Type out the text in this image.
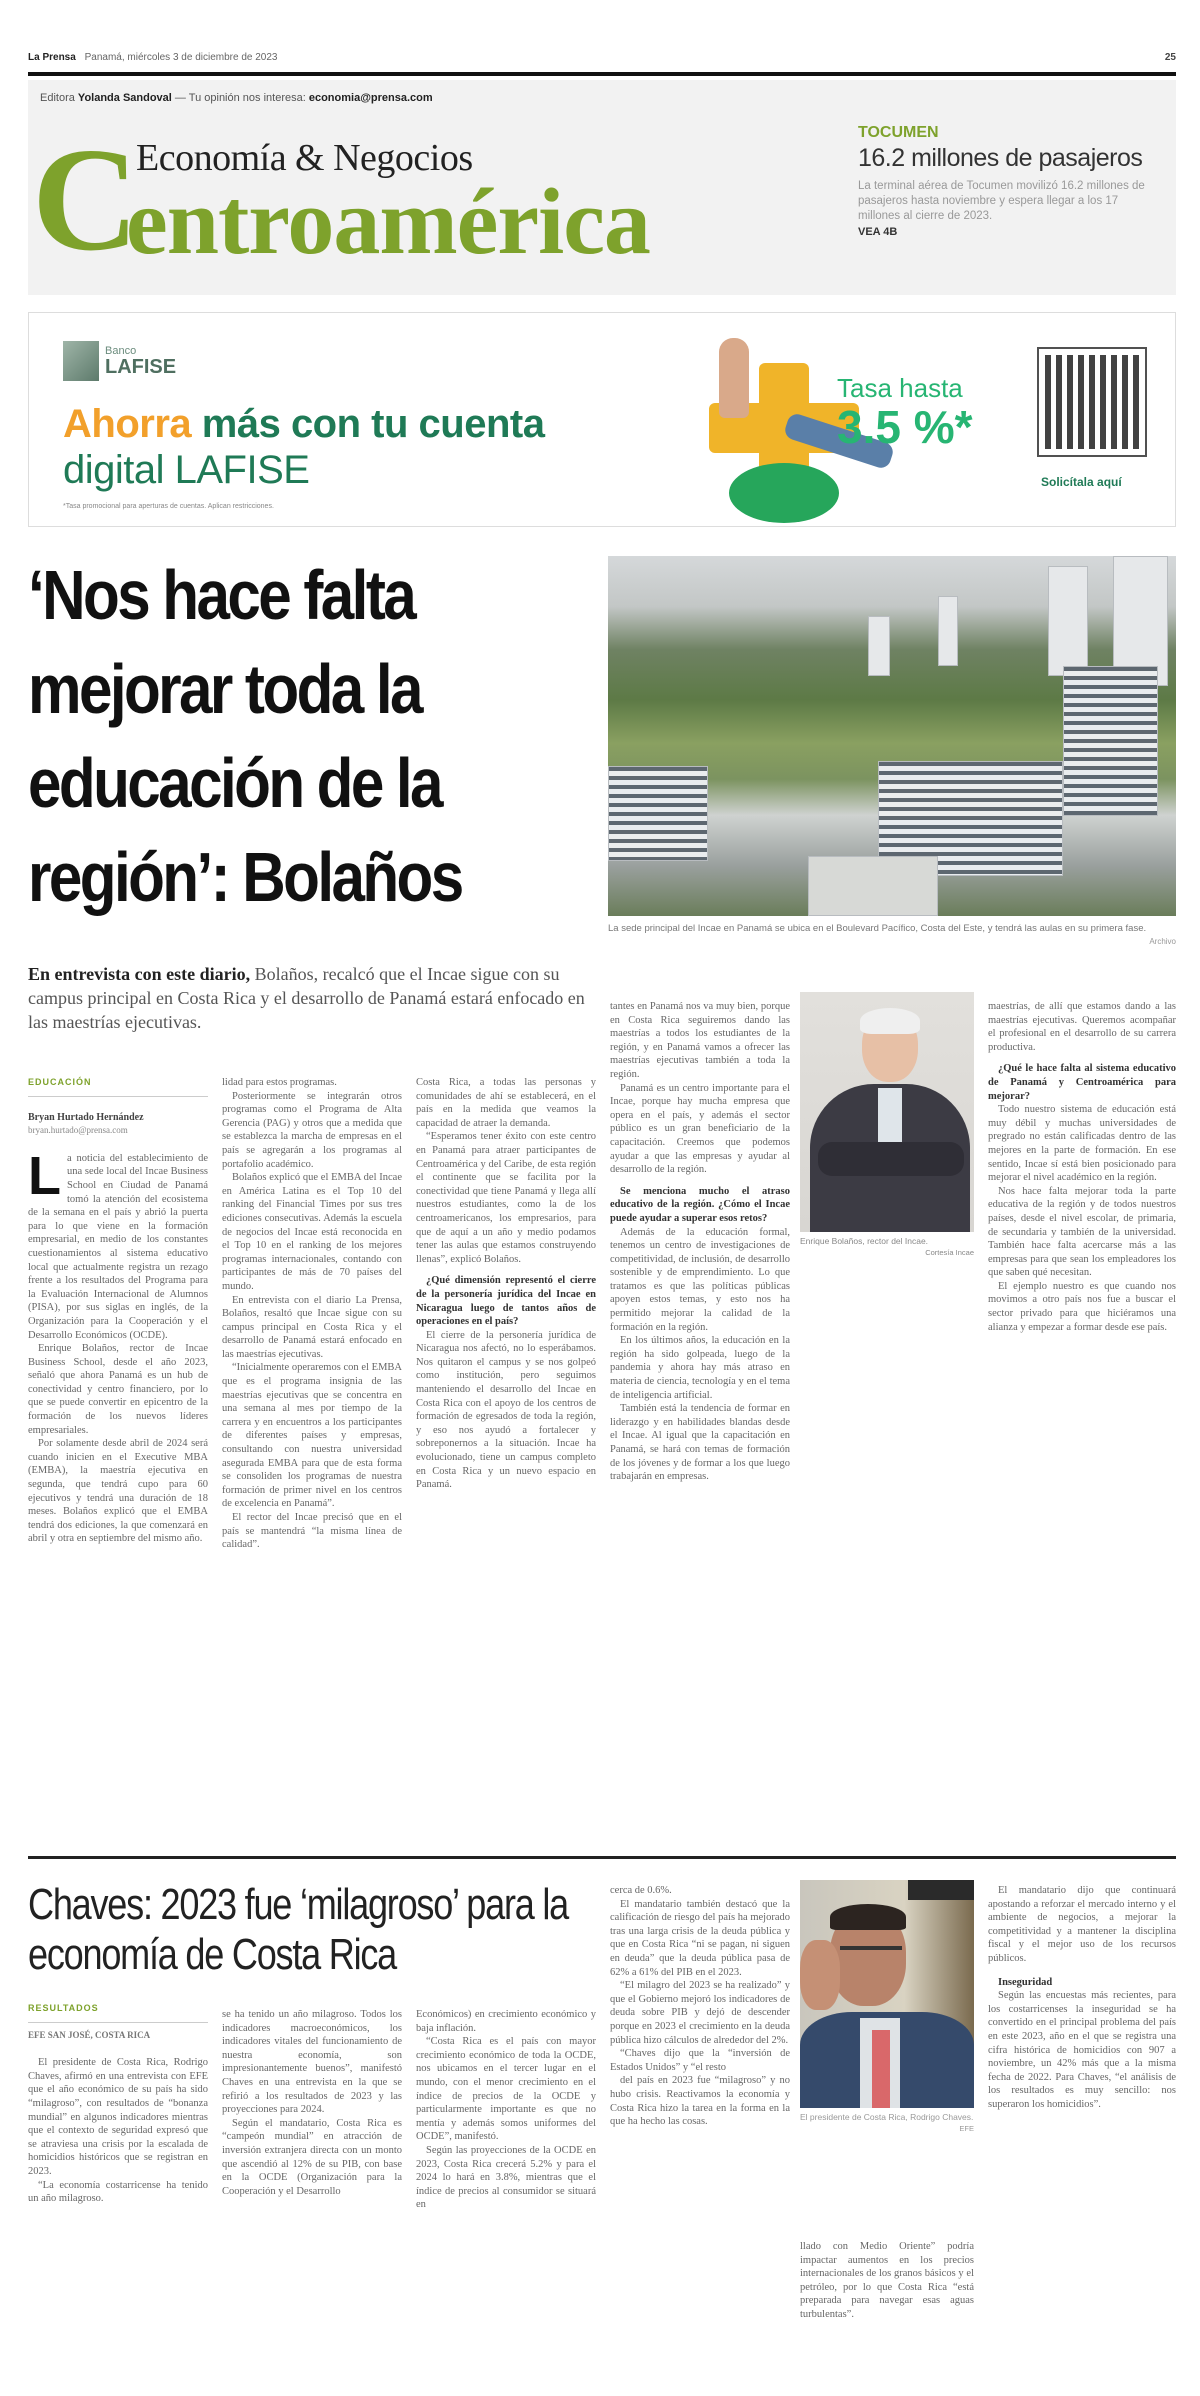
La Prensa Panamá, miércoles 3 de diciembre de 2023	25
Editora Yolanda Sandoval — Tu opinión nos interesa: economia@prensa.com
C
Economía & Negocios
entroamérica
TOCUMEN
16.2 millones de pasajeros
La terminal aérea de Tocumen movilizó 16.2 millones de pasajeros hasta noviembre y espera llegar a los 17 millones al cierre de 2023.
VEA 4B
Banco
LAFISE
Ahorra más con tu cuenta
digital LAFISE
*Tasa promocional para aperturas de cuentas. Aplican restricciones.
Tasa hasta
3.5 %*
Solicítala aquí
‘Nos hace falta mejorar toda la educación de la región’: Bolaños
La sede principal del Incae en Panamá se ubica en el Boulevard Pacífico, Costa del Este, y tendrá las aulas en su primera fase.
Archivo
En entrevista con este diario, Bolaños, recalcó que el Incae sigue con su campus principal en Costa Rica y el desarrollo de Panamá estará enfocado en las maestrías ejecutivas.
EDUCACIÓN
Bryan Hurtado Hernández
bryan.hurtado@prensa.com
L a noticia del establecimiento de una sede local del Incae Business School en Ciudad de Panamá tomó la atención del ecosistema de la semana en el país y abrió la puerta para lo que viene en la formación empresarial, en medio de los constantes cuestionamientos al sistema educativo local que actualmente registra un rezago frente a los resultados del Programa para la Evaluación Internacional de Alumnos (PISA), por sus siglas en inglés, de la Organización para la Cooperación y el Desarrollo Económicos (OCDE).

Enrique Bolaños, rector de Incae Business School, desde el año 2023, señaló que ahora Panamá es un hub de conectividad y centro financiero, por lo que se puede convertir en epicentro de la formación de los nuevos líderes empresariales.

Por solamente desde abril de 2024 será cuando inicien en el Executive MBA (EMBA), la maestría ejecutiva en segunda, que tendrá cupo para 60 ejecutivos y tendrá una duración de 18 meses. Bolaños explicó que el EMBA tendrá dos ediciones, la que comenzará en abril y otra en septiembre del mismo año.

lidad para estos programas.

Posteriormente se integrarán otros programas como el Programa de Alta Gerencia (PAG) y otros que a medida que se establezca la marcha de empresas en el país se agregarán a los programas al portafolio académico.

Bolaños explicó que el EMBA del Incae en América Latina es el Top 10 del ranking del Financial Times por sus tres ediciones consecutivas. Además la escuela de negocios del Incae está reconocida en el Top 10 en el ranking de los mejores programas internacionales, contando con participantes de más de 70 países del mundo.

En entrevista con el diario La Prensa, Bolaños, resaltó que Incae sigue con su campus principal en Costa Rica y el desarrollo de Panamá estará enfocado en las maestrías ejecutivas.

“Inicialmente operaremos con el EMBA que es el programa insignia de las maestrías ejecutivas que se concentra en una semana al mes por tiempo de la carrera y en encuentros a los participantes de diferentes países y empresas, consultando con nuestra universidad asegurada EMBA para que de esta forma se consoliden los programas de nuestra formación de primer nivel en los centros de excelencia en Panamá”.

El rector del Incae precisó que en el país se mantendrá “la misma línea de calidad”.

Costa Rica, a todas las personas y comunidades de ahí se establecerá, en el país en la medida que veamos la capacidad de atraer la demanda.

“Esperamos tener éxito con este centro en Panamá para atraer participantes de Centroamérica y del Caribe, de esta región el continente que se facilita por la conectividad que tiene Panamá y llega allí nuestros estudiantes, como la de los centroamericanos, los empresarios, para que de aquí a un año y medio podamos tener las aulas que estamos construyendo llenas”, explicó Bolaños.

¿Qué dimensión representó el cierre de la personería jurídica del Incae en Nicaragua luego de tantos años de operaciones en el país?

El cierre de la personería jurídica de Nicaragua nos afectó, no lo esperábamos. Nos quitaron el campus y se nos golpeó como institución, pero seguimos manteniendo el desarrollo del Incae en Costa Rica con el apoyo de los centros de formación de egresados de toda la región, y eso nos ayudó a fortalecer y sobreponernos a la situación. Incae ha evolucionado, tiene un campus completo en Costa Rica y un nuevo espacio en Panamá.

tantes en Panamá nos va muy bien, porque en Costa Rica seguiremos dando las maestrías a todos los estudiantes de la región, y en Panamá vamos a ofrecer las maestrías ejecutivas también a toda la región.

Panamá es un centro importante para el Incae, porque hay mucha empresa que opera en el país, y además el sector público es un gran beneficiario de la capacitación. Creemos que podemos ayudar a que las empresas y ayudar al desarrollo de la región.

Se menciona mucho el atraso educativo de la región. ¿Cómo el Incae puede ayudar a superar esos retos?

Además de la educación formal, tenemos un centro de investigaciones de competitividad, de inclusión, de desarrollo sostenible y de emprendimiento. Lo que tratamos es que las políticas públicas apoyen estos temas, y esto nos ha permitido mejorar la calidad de la formación en la región.

En los últimos años, la educación en la región ha sido golpeada, luego de la pandemia y ahora hay más atraso en materia de ciencia, tecnología y en el tema de inteligencia artificial.

También está la tendencia de formar en liderazgo y en habilidades blandas desde el Incae. Al igual que la capacitación en Panamá, se hará con temas de formación de los jóvenes y de formar a los que luego trabajarán en empresas.

Enrique Bolaños, rector del Incae.
Cortesía Incae

maestrías, de allí que estamos dando a las maestrías ejecutivas. Queremos acompañar el profesional en el desarrollo de su carrera productiva.

¿Qué le hace falta al sistema educativo de Panamá y Centroamérica para mejorar?

Todo nuestro sistema de educación está muy débil y muchas universidades de pregrado no están calificadas dentro de las mejores en la parte de formación. En ese sentido, Incae sí está bien posicionado para mejorar el nivel académico en la región.

Nos hace falta mejorar toda la parte educativa de la región y de todos nuestros países, desde el nivel escolar, de primaria, de secundaria y también de la universidad. También hace falta acercarse más a las empresas para que sean los empleadores los que saben qué necesitan.

El ejemplo nuestro es que cuando nos movimos a otro país nos fue a buscar el sector privado para que hiciéramos una alianza y empezar a formar desde ese país.

Chaves: 2023 fue ‘milagroso’ para la economía de Costa Rica
RESULTADOS
EFE SAN JOSÉ, COSTA RICA

El presidente de Costa Rica, Rodrigo Chaves, afirmó en una entrevista con EFE que el año económico de su país ha sido “milagroso”, con resultados de “bonanza mundial” en algunos indicadores mientras que el contexto de seguridad expresó que se atraviesa una crisis por la escalada de homicidios históricos que se registran en 2023.

“La economía costarricense ha tenido un año milagroso.

se ha tenido un año milagroso. Todos los indicadores macroeconómicos, los indicadores vitales del funcionamiento de nuestra economía, son impresionantemente buenos”, manifestó Chaves en una entrevista en la que se refirió a los resultados de 2023 y las proyecciones para 2024.

Según el mandatario, Costa Rica es “campeón mundial” en atracción de inversión extranjera directa con un monto que ascendió al 12% de su PIB, con base en la OCDE (Organización para la Cooperación y el Desarrollo

Económicos) en crecimiento económico y baja inflación.

“Costa Rica es el país con mayor crecimiento económico de toda la OCDE, nos ubicamos en el tercer lugar en el mundo, con el menor crecimiento en el índice de precios de la OCDE y particularmente importante es que no mentía y además somos uniformes del OCDE”, manifestó.

Según las proyecciones de la OCDE en 2023, Costa Rica crecerá 5.2% y para el 2024 lo hará en 3.8%, mientras que el índice de precios al consumidor se situará en

cerca de 0.6%.

El mandatario también destacó que la calificación de riesgo del país ha mejorado tras una larga crisis de la deuda pública y que en Costa Rica “ni se pagan, ni siguen en deuda” que la deuda pública pasa de 62% a 61% del PIB en el 2023.

“El milagro del 2023 se ha realizado” y que el Gobierno mejoró los indicadores de deuda sobre PIB y dejó de descender porque en 2023 el crecimiento en la deuda pública hizo cálculos de alrededor del 2%.

“Chaves dijo que la “inversión de Estados Unidos” y “el resto

del país en 2023 fue “milagroso” y no hubo crisis. Reactivamos la economía y Costa Rica hizo la tarea en la forma en la que ha hecho las cosas.	El presidente de Costa Rica, Rodrigo Chaves.
EFE

llado con Medio Oriente” podría impactar aumentos en los precios internacionales de los granos básicos y el petróleo, por lo que Costa Rica “está preparada para navegar esas aguas turbulentas”.

El mandatario dijo que continuará apostando a reforzar el mercado interno y el ambiente de negocios, a mejorar la competitividad y a mantener la disciplina fiscal y el mejor uso de los recursos públicos.

Inseguridad

Según las encuestas más recientes, para los costarricenses la inseguridad se ha convertido en el principal problema del país en este 2023, año en el que se registra una cifra histórica de homicidios con 907 a noviembre, un 42% más que a la misma fecha de 2022. Para Chaves, “el análisis de los resultados es muy sencillo: nos superaron los homicidios”.
